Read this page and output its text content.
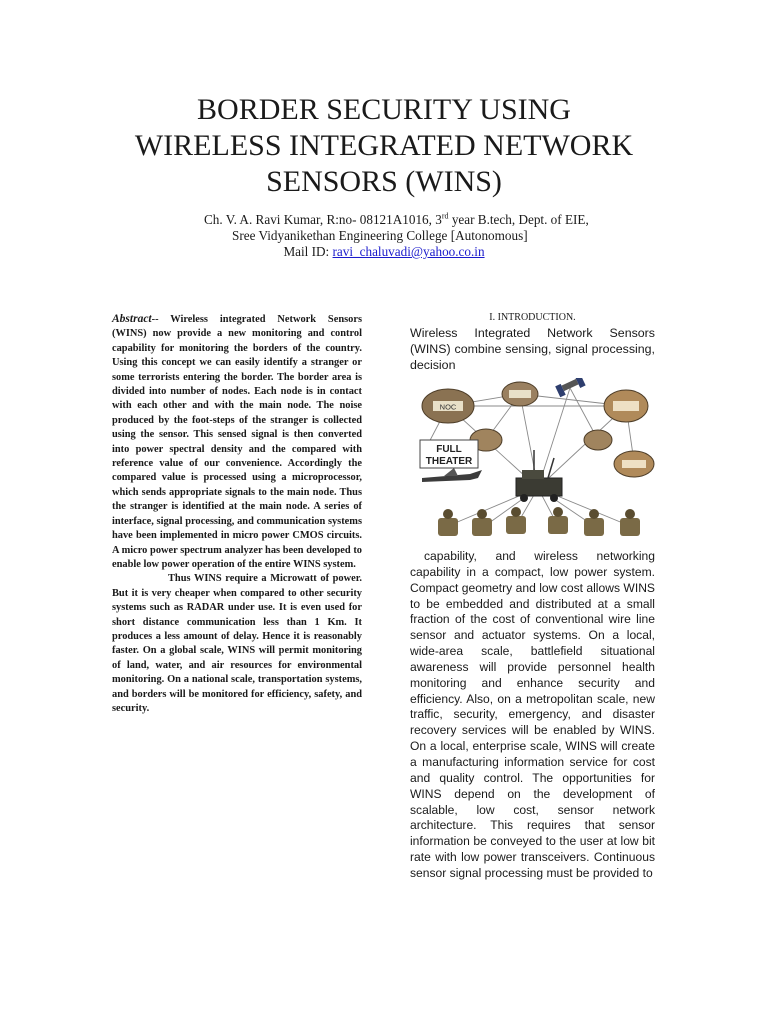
BORDER SECURITY USING
WIRELESS INTEGRATED NETWORK
SENSORS (WINS)
Ch. V. A. Ravi Kumar, R:no- 08121A1016, 3rd year B.tech, Dept. of EIE,
Sree Vidyanikethan Engineering College [Autonomous]
Mail ID: ravi_chaluvadi@yahoo.co.in

Abstract-- Wireless integrated Network Sensors (WINS) now provide a new monitoring and control capability for monitoring the borders of the country. Using this concept we can easily identify a stranger or some terrorists entering the border. The border area is divided into number of nodes. Each node is in contact with each other and with the main node. The noise produced by the foot-steps of the stranger is collected using the sensor. This sensed signal is then converted into power spectral density and the compared with reference value of our convenience. Accordingly the compared value is processed using a microprocessor, which sends appropriate signals to the main node. Thus the stranger is identified at the main node. A series of interface, signal processing, and communication systems have been implemented in micro power CMOS circuits. A micro power spectrum analyzer has been developed to enable low power operation of the entire WINS system.

Thus WINS require a Microwatt of power. But it is very cheaper when compared to other security systems such as RADAR under use. It is even used for short distance communication less than 1 Km. It produces a less amount of delay. Hence it is reasonably faster. On a global scale, WINS will permit monitoring of land, water, and air resources for environmental monitoring. On a national scale, transportation systems, and borders will be monitored for efficiency, safety, and security.

I. INTRODUCTION.

Wireless Integrated Network Sensors (WINS) combine sensing, signal processing, decision

NOC
FULL
THEATER

capability, and wireless networking capability in a compact, low power system. Compact geometry and low cost allows WINS to be embedded and distributed at a small fraction of the cost of conventional wire line sensor and actuator systems. On a local, wide-area scale, battlefield situational awareness will provide personnel health monitoring and enhance security and efficiency. Also, on a metropolitan scale, new traffic, security, emergency, and disaster recovery services will be enabled by WINS. On a local, enterprise scale, WINS will create a manufacturing information service for cost and quality control. The opportunities for WINS depend on the development of scalable, low cost, sensor network architecture. This requires that sensor information be conveyed to the user at low bit rate with low power transceivers. Continuous sensor signal processing must be provided to
